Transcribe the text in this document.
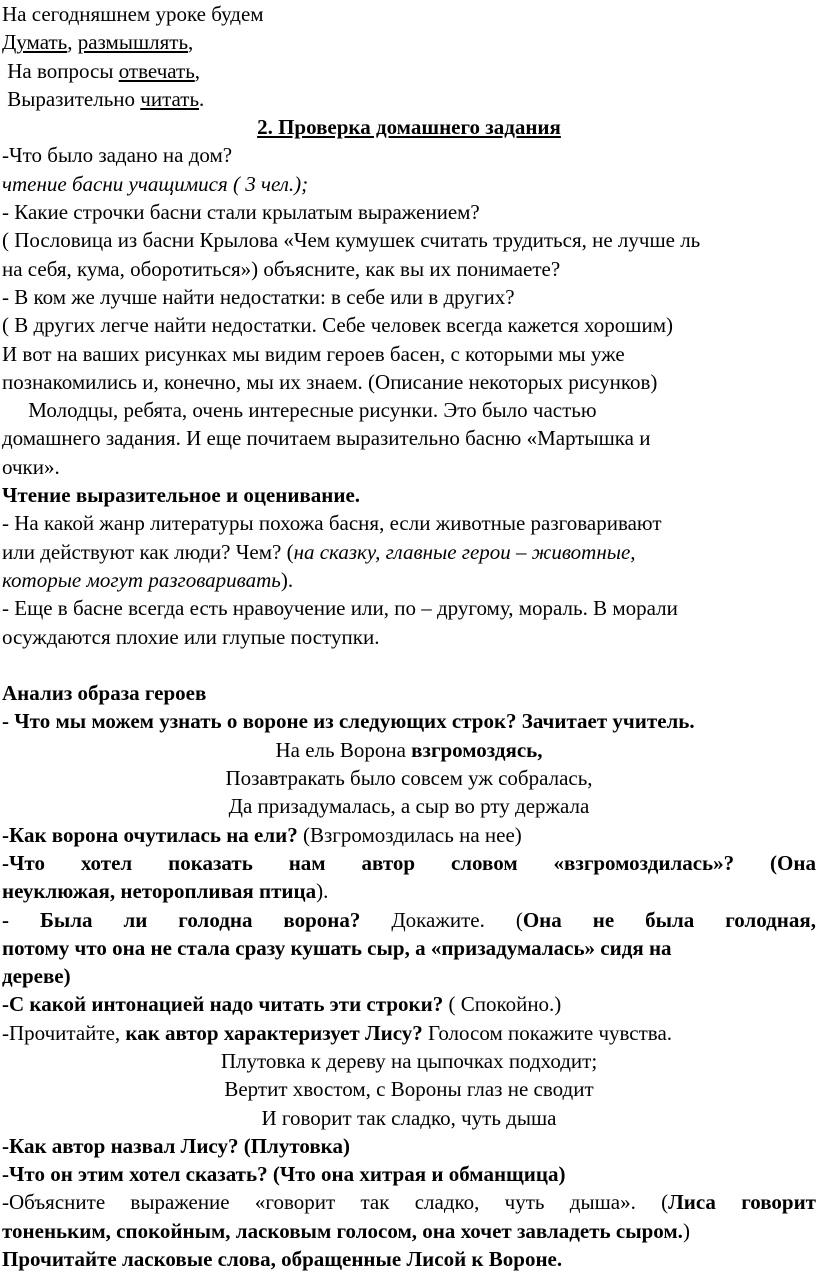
На сегодняшнем уроке будем
Думать, размышлять,
На вопросы отвечать,
Выразительно читать.
2. Проверка домашнего задания
-Что было задано на дом?
чтение басни учащимися ( 3 чел.);
- Какие строчки басни стали крылатым выражением?
( Пословица из басни Крылова «Чем кумушек считать трудиться, не лучше ль
на себя, кума, оборотиться») объясните, как вы их понимаете?
- В ком же лучше найти недостатки: в себе или в других?
( В других легче найти недостатки. Себе человек всегда кажется хорошим)
И вот на ваших рисунках мы видим героев басен, с которыми мы уже
познакомились и, конечно, мы их знаем. (Описание некоторых рисунков)
Молодцы, ребята, очень интересные рисунки. Это было частью
домашнего задания. И еще почитаем выразительно басню «Мартышка и
очки».
Чтение выразительное и оценивание.
- На какой жанр литературы похожа басня, если животные разговаривают
или действуют как люди? Чем? (на сказку, главные герои – животные,
которые могут разговаривать).
- Еще в басне всегда есть нравоучение или, по – другому, мораль. В морали
осуждаются плохие или глупые поступки.
Анализ образа героев
- Что мы можем узнать о вороне из следующих строк? Зачитает учитель.
На ель Ворона взгромоздясь,
Позавтракать было совсем уж собралась,
Да призадумалась, а сыр во рту держала
-Как ворона очутилась на ели? (Взгромоздилась на нее)
-Что хотел показать нам автор словом «взгромоздилась»? (Она
неуклюжая, неторопливая птица).
- Была ли голодна ворона? Докажите. (Она не была голодная,
потому что она не стала сразу кушать сыр, а «призадумалась» сидя на
дереве)
-С какой интонацией надо читать эти строки? ( Спокойно.)
-Прочитайте, как автор характеризует Лису? Голосом покажите чувства.
Плутовка к дереву на цыпочках подходит;
Вертит хвостом, с Вороны глаз не сводит
И говорит так сладко, чуть дыша
-Как автор назвал Лису? (Плутовка)
-Что он этим хотел сказать? (Что она хитрая и обманщица)
-Объясните выражение «говорит так сладко, чуть дыша». (Лиса говорит
тоненьким, спокойным, ласковым голосом, она хочет завладеть сыром.)
Прочитайте ласковые слова, обращенные Лисой к Вороне.
